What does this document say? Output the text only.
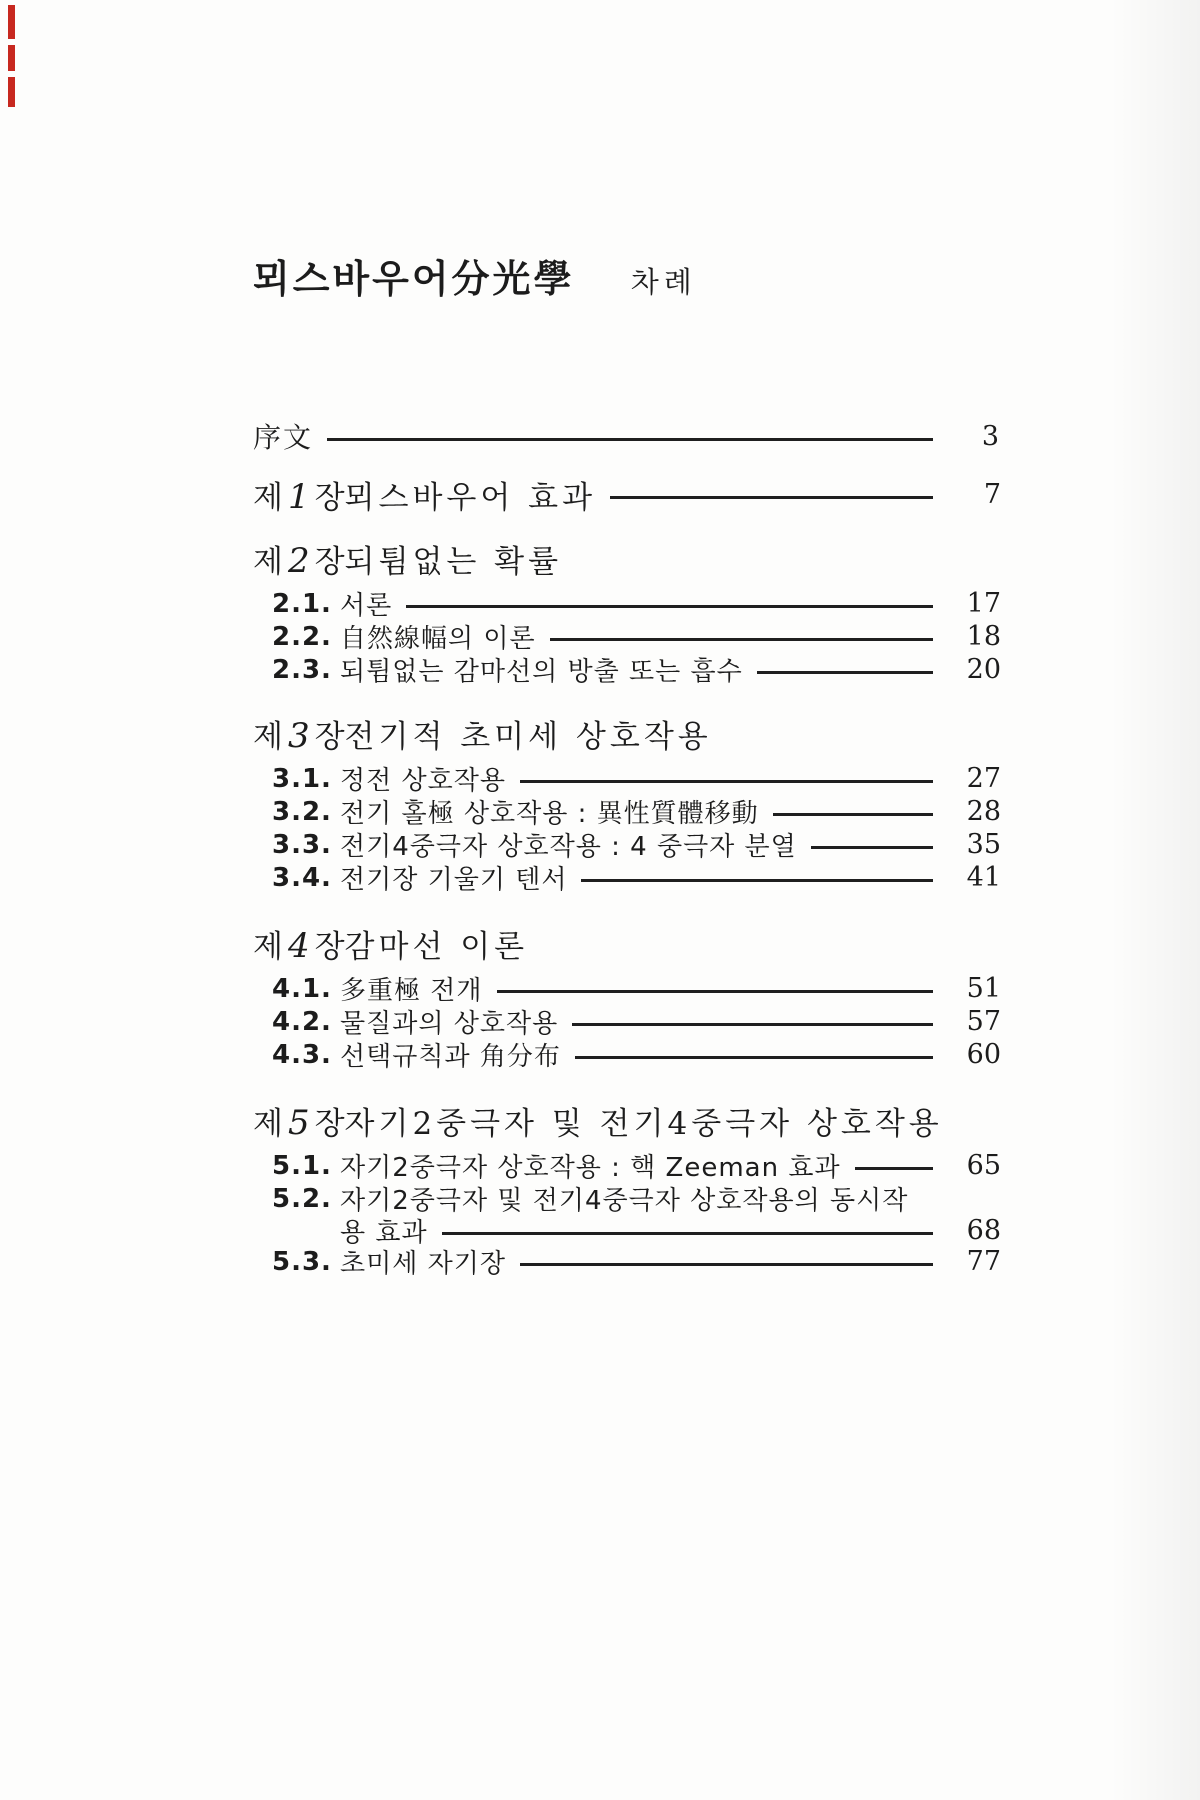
뫼스바우어分光學 차례
序文	3
제 1 장 뫼스바우어 효과	7
제 2 장 되튐없는 확률
2.1. 서론	17
2.2. 自然線幅의 이론	18
2.3. 되튐없는 감마선의 방출 또는 흡수	20
제 3 장 전기적 초미세 상호작용
3.1. 정전 상호작용	27
3.2. 전기 홀極 상호작용 : 異性質體移動	28
3.3. 전기4중극자 상호작용 : 4 중극자 분열	35
3.4. 전기장 기울기 텐서	41
제 4 장 감마선 이론
4.1. 多重極 전개	51
4.2. 물질과의 상호작용	57
4.3. 선택규칙과 角分布	60
제 5 장 자기2중극자 및 전기4중극자 상호작용
5.1. 자기2중극자 상호작용 : 핵 Zeeman 효과	65
5.2. 자기2중극자 및 전기4중극자 상호작용의 동시작
용 효과	68
5.3. 초미세 자기장	77
